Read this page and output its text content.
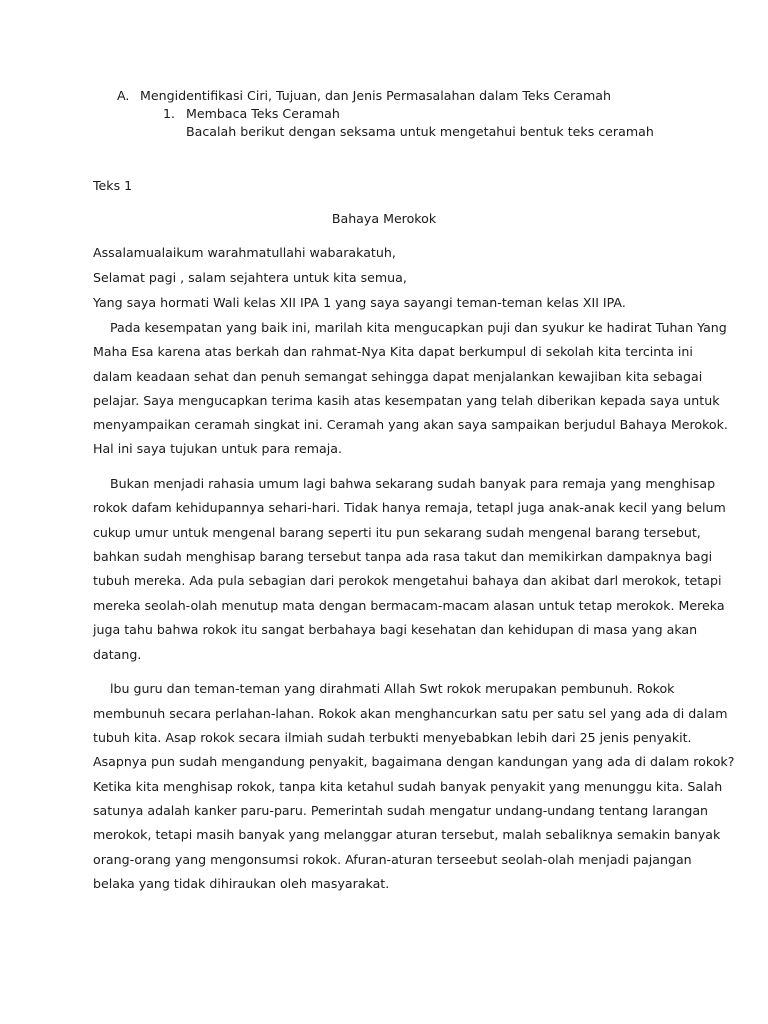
A. Mengidentifikasi Ciri, Tujuan, dan Jenis Permasalahan dalam Teks Ceramah
1. Membaca Teks Ceramah
Bacalah berikut dengan seksama untuk mengetahui bentuk teks ceramah
Teks 1
Bahaya Merokok
Assalamualaikum warahmatullahi wabarakatuh,
Selamat pagi , salam sejahtera untuk kita semua,
Yang saya hormati Wali kelas XII IPA 1 yang saya sayangi teman-teman kelas XII IPA.
Pada kesempatan yang baik ini, marilah kita mengucapkan puji dan syukur ke hadirat Tuhan Yang
Maha Esa karena atas berkah dan rahmat-Nya Kita dapat berkumpul di sekolah kita tercinta ini
dalam keadaan sehat dan penuh semangat sehingga dapat menjalankan kewajiban kita sebagai
pelajar. Saya mengucapkan terima kasih atas kesempatan yang telah diberikan kepada saya untuk
menyampaikan ceramah singkat ini. Ceramah yang akan saya sampaikan berjudul Bahaya Merokok.
Hal ini saya tujukan untuk para remaja.
Bukan menjadi rahasia umum lagi bahwa sekarang sudah banyak para remaja yang menghisap
rokok dafam kehidupannya sehari-hari. Tidak hanya remaja, tetapl juga anak-anak kecil yang belum
cukup umur untuk mengenal barang seperti itu pun sekarang sudah mengenal barang tersebut,
bahkan sudah menghisap barang tersebut tanpa ada rasa takut dan memikirkan dampaknya bagi
tubuh mereka. Ada pula sebagian dari perokok mengetahui bahaya dan akibat darl merokok, tetapi
mereka seolah-olah menutup mata dengan bermacam-macam alasan untuk tetap merokok. Mereka
juga tahu bahwa rokok itu sangat berbahaya bagi kesehatan dan kehidupan di masa yang akan
datang.
lbu guru dan teman-teman yang dirahmati Allah Swt rokok merupakan pembunuh. Rokok
membunuh secara perlahan-lahan. Rokok akan menghancurkan satu per satu sel yang ada di dalam
tubuh kita. Asap rokok secara ilmiah sudah terbukti menyebabkan lebih dari 25 jenis penyakit.
Asapnya pun sudah mengandung penyakit, bagaimana dengan kandungan yang ada di dalam rokok?
Ketika kita menghisap rokok, tanpa kita ketahul sudah banyak penyakit yang menunggu kita. Salah
satunya adalah kanker paru-paru. Pemerintah sudah mengatur undang-undang tentang larangan
merokok, tetapi masih banyak yang melanggar aturan tersebut, malah sebaliknya semakin banyak
orang-orang yang mengonsumsi rokok. Afuran-aturan terseebut seolah-olah menjadi pajangan
belaka yang tidak dihiraukan oleh masyarakat.
